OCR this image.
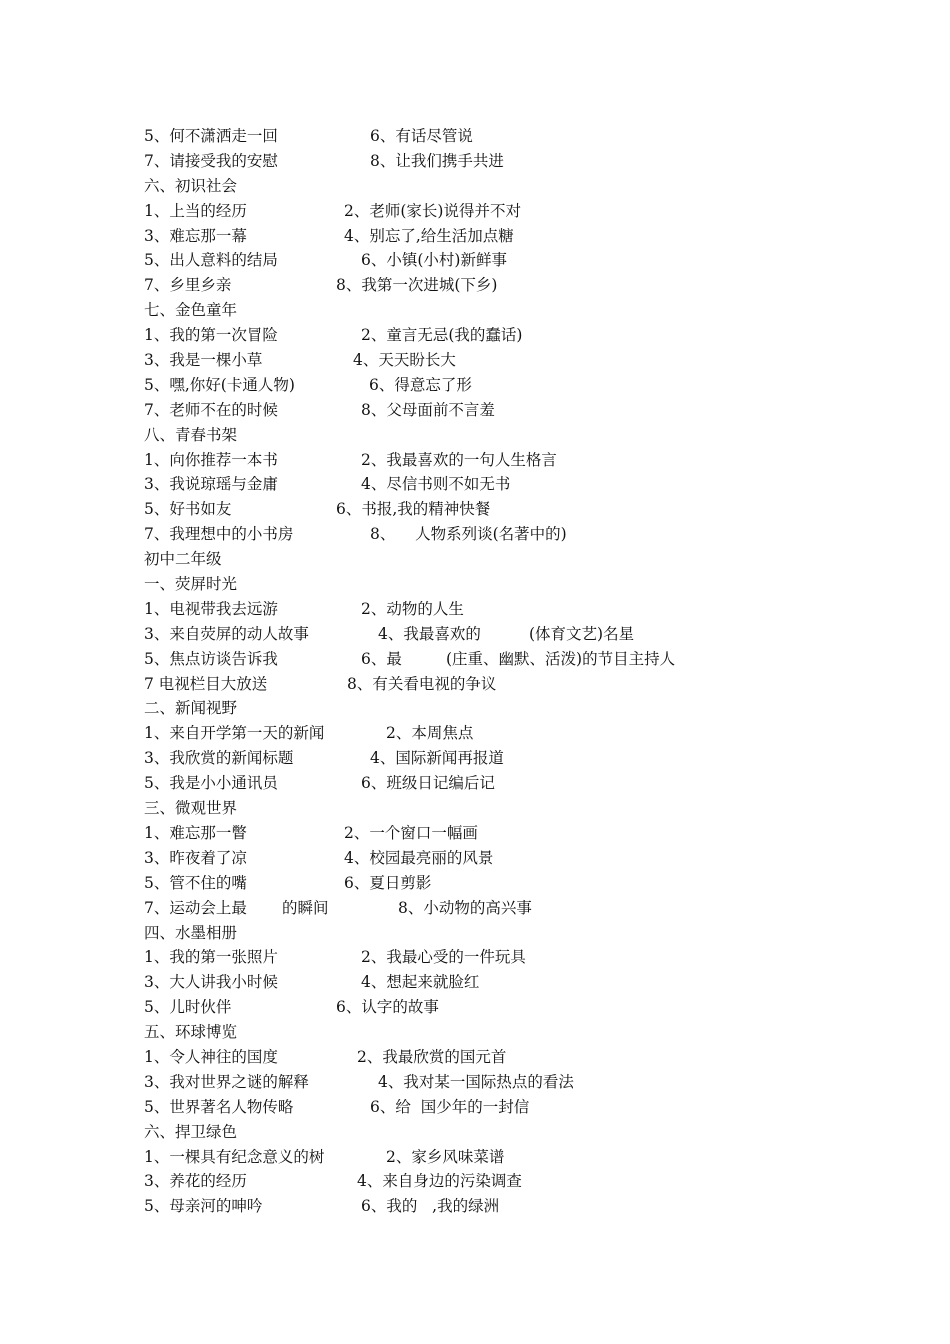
5、何不潇洒走一回	6、有话尽管说
7、请接受我的安慰	8、让我们携手共进
六、初识社会
1、上当的经历	2、老师(家长)说得并不对
3、难忘那一幕	4、别忘了,给生活加点糖
5、出人意料的结局	6、小镇(小村)新鲜事
7、乡里乡亲	8、我第一次进城(下乡)
七、金色童年
1、我的第一次冒险	2、童言无忌(我的蠢话)
3、我是一棵小草	4、天天盼长大
5、嘿,你好(卡通人物)	6、得意忘了形
7、老师不在的时候	8、父母面前不言羞
八、青春书架
1、向你推荐一本书	2、我最喜欢的一句人生格言
3、我说琼瑶与金庸	4、尽信书则不如无书
5、好书如友	6、书报,我的精神快餐
7、我理想中的小书房	8、    人物系列谈(名著中的)
初中二年级
一、荧屏时光
1、电视带我去远游	2、动物的人生
3、来自荧屏的动人故事	4、我最喜欢的	(体育文艺)名星
5、焦点访谈告诉我	6、最	(庄重、幽默、活泼)的节目主持人
7 电视栏目大放送	8、有关看电视的争议
二、新闻视野
1、来自开学第一天的新闻	2、本周焦点
3、我欣赏的新闻标题	4、国际新闻再报道
5、我是小小通讯员	6、班级日记编后记
三、微观世界
1、难忘那一瞥	2、一个窗口一幅画
3、昨夜着了凉	4、校园最亮丽的风景
5、管不住的嘴	6、夏日剪影
7、运动会上最 的瞬间	8、小动物的高兴事
四、水墨相册
1、我的第一张照片	2、我最心受的一件玩具
3、大人讲我小时候	4、想起来就脸红
5、儿时伙伴	6、认字的故事
五、环球博览
1、令人神往的国度	2、我最欣赏的国元首
3、我对世界之谜的解释	4、我对某一国际热点的看法
5、世界著名人物传略	6、给  国少年的一封信
六、捍卫绿色
1、一棵具有纪念意义的树	2、家乡风味菜谱
3、养花的经历	4、来自身边的污染调查
5、母亲河的呻吟	6、我的   ,我的绿洲
